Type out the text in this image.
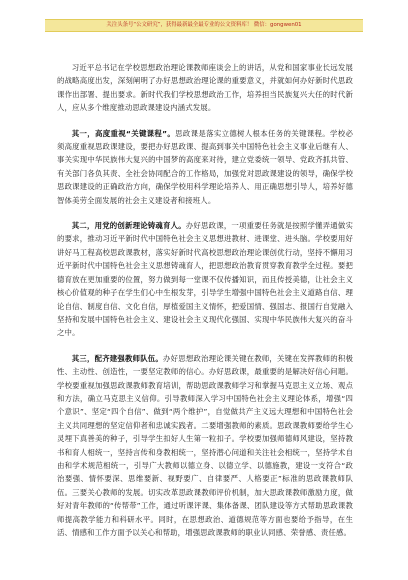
关注头条号“公文研究”，获得最新最全最专业的公文资料库！ 微信：gongwen01

习近平总书记在学校思想政治理论课教师座谈会上的讲话，从党和国家事业长远发展的战略高度出发，深刻阐明了办好思想政治理论课的重要意义，并就如何办好新时代思政课作出部署、提出要求。新时代我们学校思想政治工作，培养担当民族复兴大任的时代新人，应从多个维度推动思政课建设内涵式发展。

其一，高度重视“关键课程”。思政课是落实立德树人根本任务的关键课程。学校必须高度重视思政课建设，要把办好思政课、提高到事关中国特色社会主义事业后继有人、事关实现中华民族伟大复兴的中国梦的高度来对待，建立党委统一领导、党政齐抓共管、有关部门各负其责、全社会协同配合的工作格局，加强党对思政课建设的领导，确保学校思政课建设的正确政治方向，确保学校用科学理论培养人、用正确思想引导人，培养好德智体美劳全面发展的社会主义建设者和接班人。

其二，用党的创新理论铸魂育人。办好思政课，一项重要任务就是按照学懂弄通做实的要求，推动习近平新时代中国特色社会主义思想进教材、进课堂、进头脑。学校要用好讲好马工程高校思政课教材，落实好新时代高校思想政治理论课创优行动，坚持不懈用习近平新时代中国特色社会主义思想铸魂育人，把思想政治教育贯穿教育教学全过程。要把德育放在更加重要的位置，努力做到每一堂课不仅传播知识，而且传授美德，让社会主义核心价值观的种子在学生们心中生根发芽，引导学生增强中国特色社会主义道路自信、理论自信、制度自信、文化自信，厚植爱国主义情怀，把爱国情、强国志、报国行自觉融入坚持和发展中国特色社会主义、建设社会主义现代化强国、实现中华民族伟大复兴的奋斗之中。

其三，配齐建强教师队伍。办好思想政治理论课关键在教师，关键在发挥教师的积极性、主动性、创造性，一要坚定教师的信心。办好思政课，最重要的是解决好信心问题。学校要重视加强思政课教师教育培训，帮助思政课教师学习和掌握马克思主义立场、观点和方法，确立马克思主义信仰。引导教师深入学习中国特色社会主义理论体系，增强“四个意识”、坚定“四个自信”、做到“两个维护”，自觉做共产主义远大理想和中国特色社会主义共同理想的坚定信仰者和忠诚实践者。二要增强教师的素质。思政课教师要给学生心灵埋下真善美的种子，引导学生扣好人生第一粒扣子。学校要加强师德师风建设，坚持教书和育人相统一，坚持言传和身教相统一，坚持潜心问道和关注社会相统一，坚持学术自由和学术规范相统一，引导广大教师以德立身、以德立学、以德施教，建设一支符合“政治要强、情怀要深、思维要新、视野要广、自律要严、人格要正”标准的思政课教师队伍。三要关心教师的发展。切实改革思政课教师评价机制，加大思政课教师激励力度，做好对青年教师的“传帮带”工作，通过听课评课、集体备课、团队建设等方式帮助思政课教师提高教学能力和科研水平。同时，在思想政治、道德规范等方面也要给予指导，在生活、情感和工作方面予以关心和帮助，增强思政课教师的职业认同感、荣誉感、责任感。
